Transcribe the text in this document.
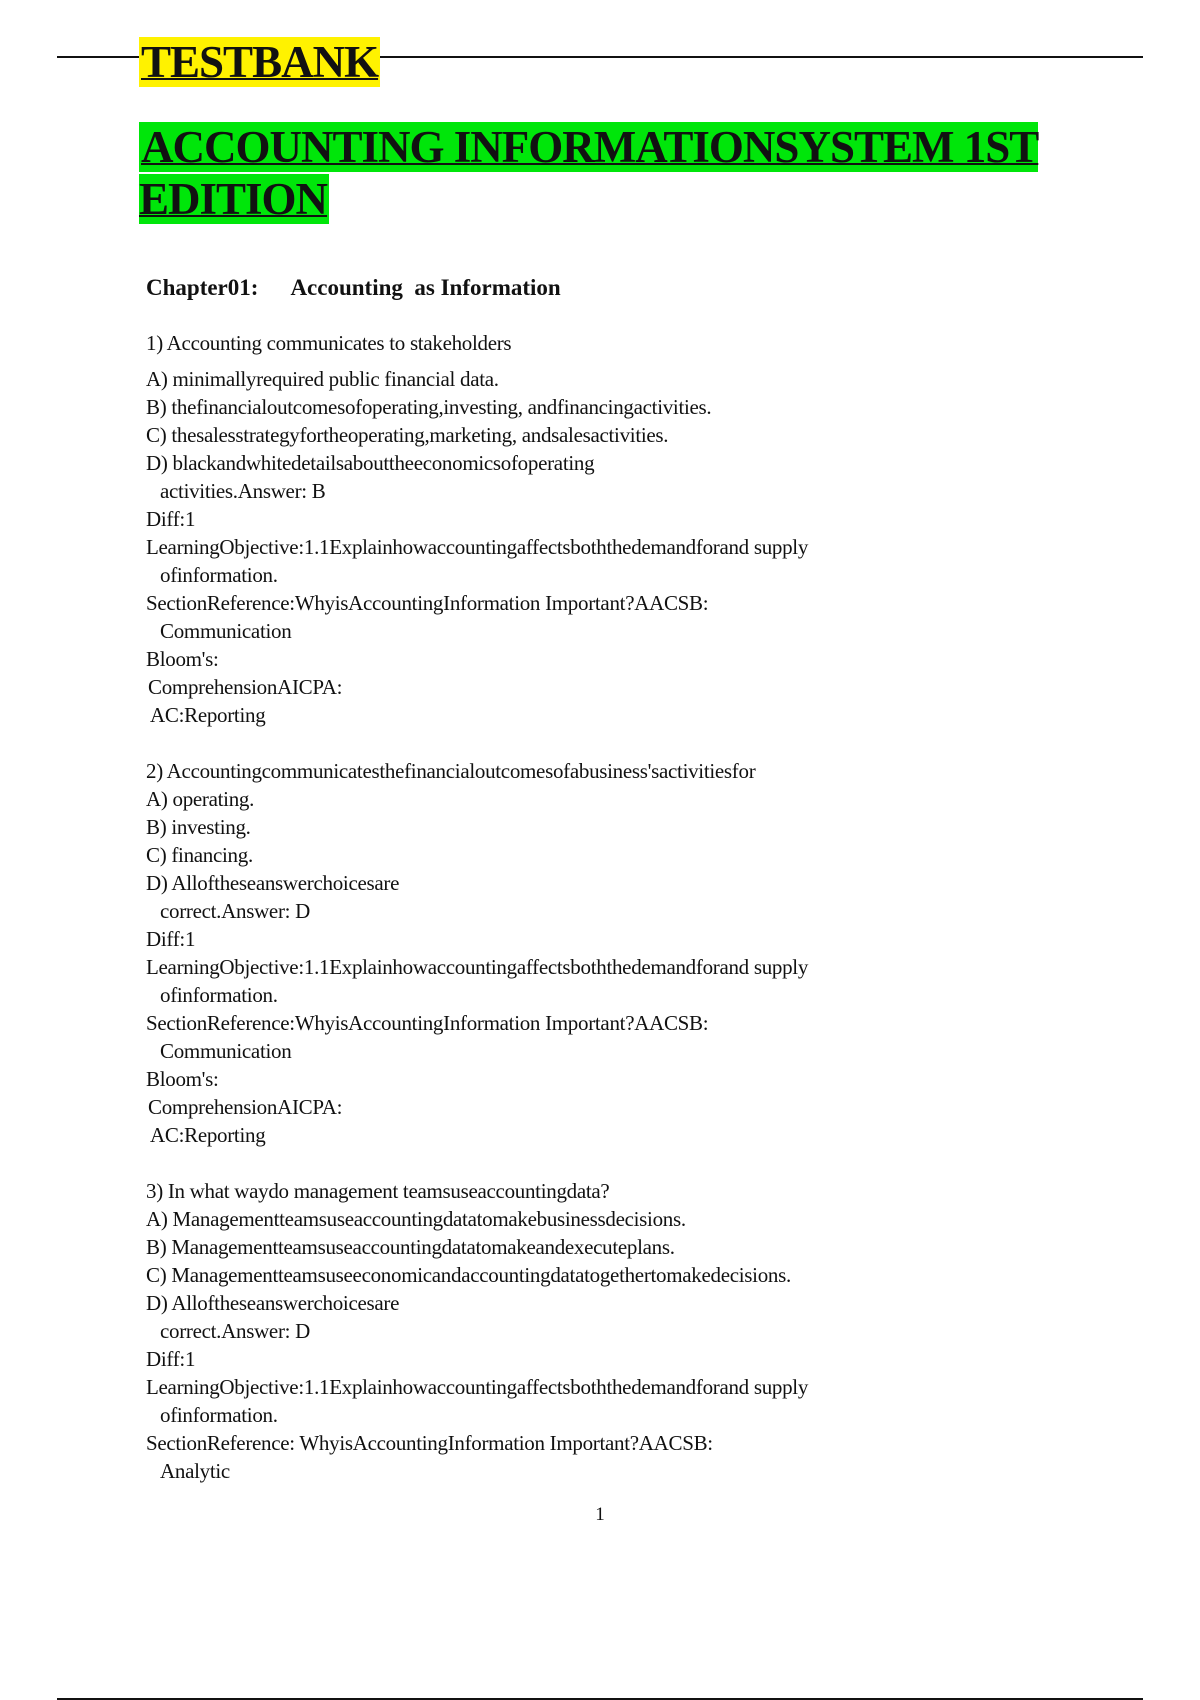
TESTBANK
ACCOUNTING INFORMATIONSYSTEM 1ST EDITION
Chapter01: Accounting  as Information
1) Accounting communicates to stakeholders
A) minimallyrequired public financial data.
B) thefinancialoutcomesofoperating,investing, andfinancingactivities.
C) thesalesstrategyfortheoperating,marketing, andsalesactivities.
D) blackandwhitedetailsabouttheeconomicsofoperating
activities.Answer: B
Diff:1
LearningObjective:1.1Explainhowaccountingaffectsboththedemandforand supply
ofinformation.
SectionReference:WhyisAccountingInformation Important?AACSB:
Communication
Bloom's:
ComprehensionAICPA:
AC:Reporting
2) Accountingcommunicatesthefinancialoutcomesofabusiness'sactivitiesfor
A) operating.
B) investing.
C) financing.
D) Alloftheseanswerchoicesare
correct.Answer: D
Diff:1
LearningObjective:1.1Explainhowaccountingaffectsboththedemandforand supply
ofinformation.
SectionReference:WhyisAccountingInformation Important?AACSB:
Communication
Bloom's:
ComprehensionAICPA:
AC:Reporting
3) In what waydo management teamsuseaccountingdata?
A) Managementteamsuseaccountingdatatomakebusinessdecisions.
B) Managementteamsuseaccountingdatatomakeandexecuteplans.
C) Managementteamsuseeconomicandaccountingdatatogethertomakedecisions.
D) Alloftheseanswerchoicesare
correct.Answer: D
Diff:1
LearningObjective:1.1Explainhowaccountingaffectsboththedemandforand supply
ofinformation.
SectionReference: WhyisAccountingInformation Important?AACSB:
Analytic
1
